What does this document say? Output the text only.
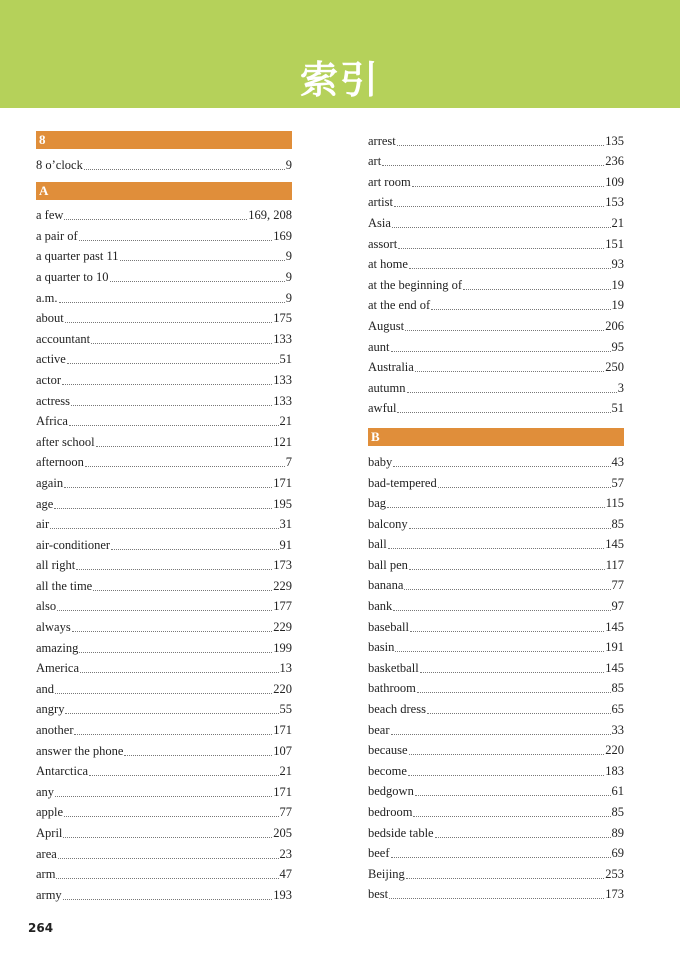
索引
8
8 o’clock	9
A
a few	169, 208
a pair of	169
a quarter past 11	9
a quarter to 10	9
a.m.	9
about	175
accountant	133
active	51
actor	133
actress	133
Africa	21
after school	121
afternoon	7
again	171
age	195
air	31
air-conditioner	91
all right	173
all the time	229
also	177
always	229
amazing	199
America	13
and	220
angry	55
another	171
answer the phone	107
Antarctica	21
any	171
apple	77
April	205
area	23
arm	47
army	193
arrest	135
art	236
art room	109
artist	153
Asia	21
assort	151
at home	93
at the beginning of	19
at the end of	19
August	206
aunt	95
Australia	250
autumn	3
awful	51
B
baby	43
bad-tempered	57
bag	115
balcony	85
ball	145
ball pen	117
banana	77
bank	97
baseball	145
basin	191
basketball	145
bathroom	85
beach dress	65
bear	33
because	220
become	183
bedgown	61
bedroom	85
bedside table	89
beef	69
Beijing	253
best	173
264
